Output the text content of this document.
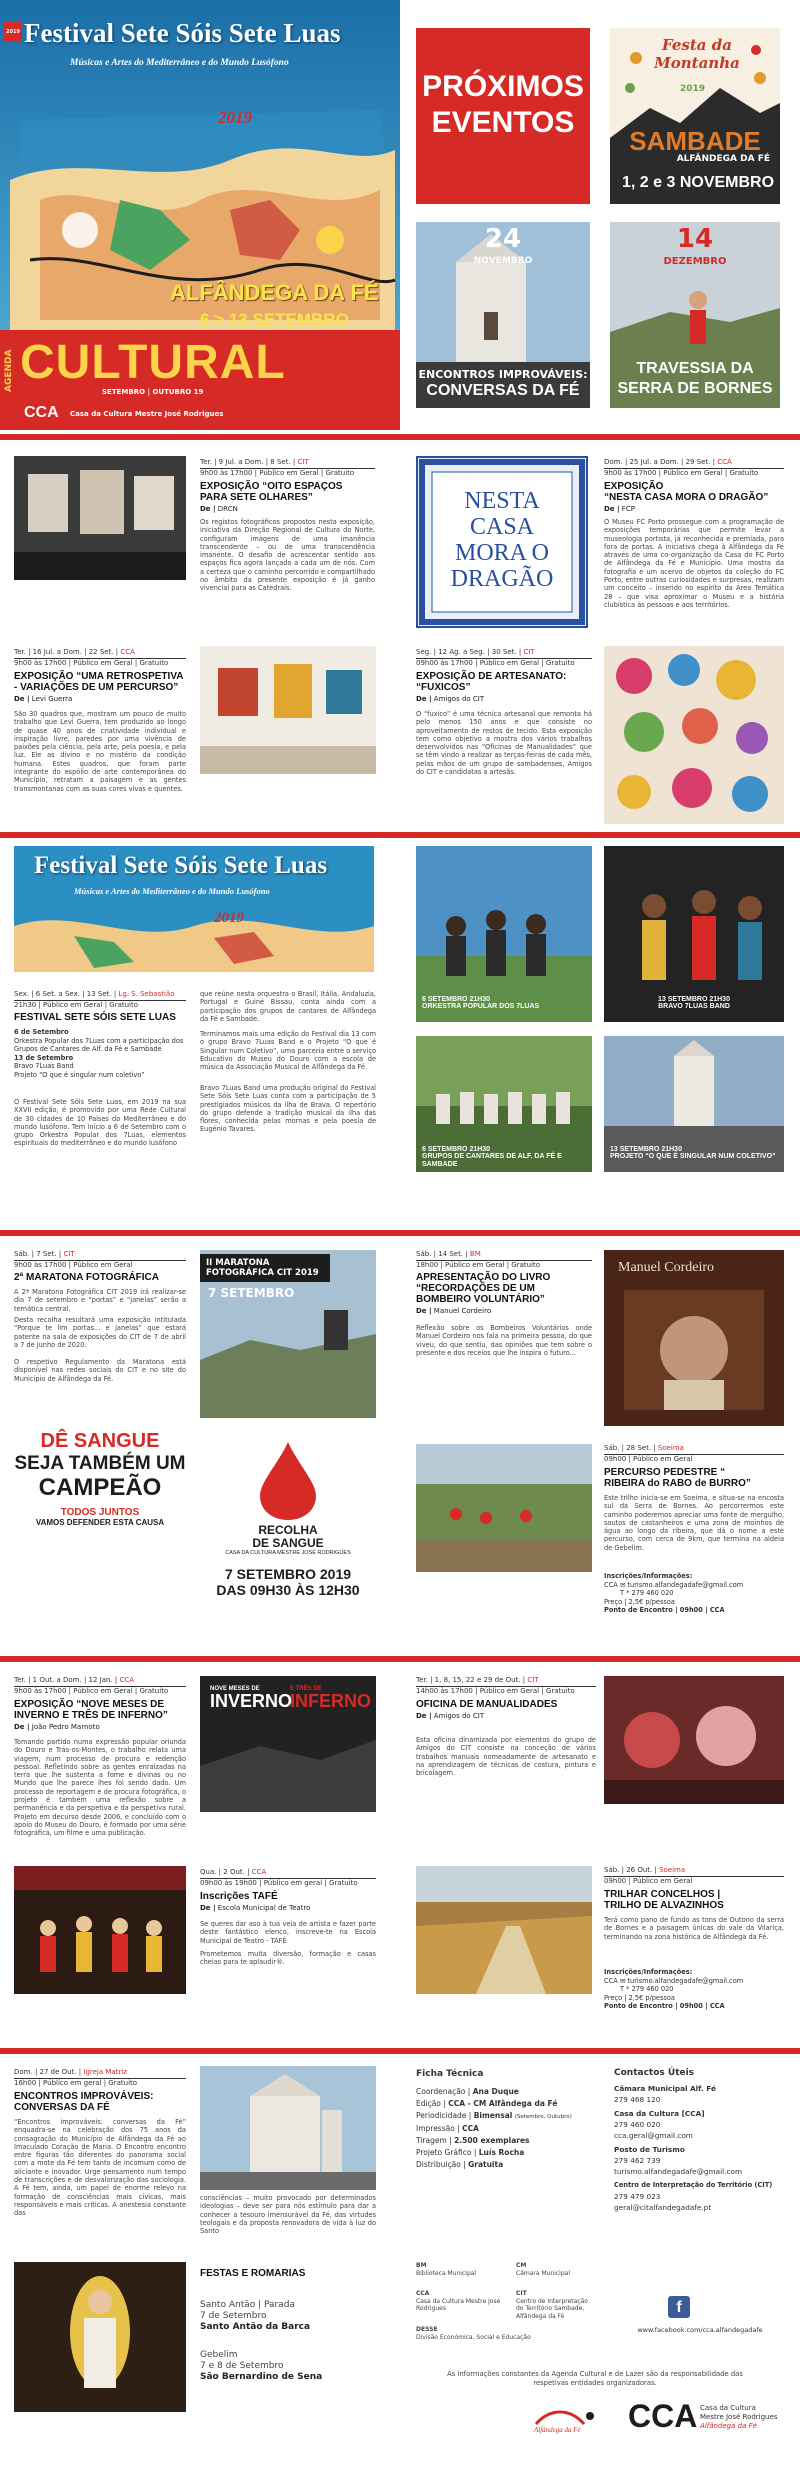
2019 Festival Sete Sóis Sete Luas
Músicas e Artes do Mediterrâneo e do Mundo Lusófono
2019
ALFÂNDEGA DA FÉ
6 > 13 SETEMBRO
AGENDA CULTURAL
SETEMBRO | OUTUBRO 19
CCA Casa da Cultura Mestre José Rodrigues
PRÓXIMOS
EVENTOS
Festa da Montanha
2019
SAMBADE
ALFÂNDEGA DA FÉ
1, 2 e 3 NOVEMBRO
24
NOVEMBRO
ENCONTROS IMPROVÁVEIS:
CONVERSAS DA FÉ
14
DEZEMBRO
TRAVESSIA DA
SERRA DE BORNES
Ter. | 9 Jul. a Dom. | 8 Set. | CIT
9h00 às 17h00 | Público em Geral | Gratuito
EXPOSIÇÃO “OITO ESPAÇOS
PARA SETE OLHARES”
De | DRCN
Os registos fotográficos propostos nesta exposição, iniciativa da Direção Regional de Cultura do Norte, configuram imagens de uma imanência transcendente – ou de uma transcendência imanente. O desafio de acrescentar sentido aos espaços fica agora lançado a cada um de nós. Com a certeza que o caminho percorrido e compartilhado no âmbito da presente exposição é já ganho vivencial para as Catedrais.
NESTA
CASA
MORA O
DRAGÃO
Dom. | 25 Jul. a Dom. | 29 Set. | CCA
9h00 às 17h00 | Público em Geral | Gratuito
EXPOSIÇÃO
“NESTA CASA MORA O DRAGÃO”
De | FCP
O Museu FC Porto prossegue com a programação de exposições temporárias que permite levar a museologia portista, já reconhecida e premiada, para fora de portas. A iniciativa chega à Alfândega da Fé através de uma co-organização da Casa do FC Porto de Alfândega da Fé e Município. Uma mostra da fotografia e um acervo de objetos da coleção do FC Porto, entre outras curiosidades e surpresas, realizam um conceito – inserido no espírito da Área Temática 28 – que visa aproximar o Museu e a história clubística às pessoas e aos territórios.
Ter. | 16 Jul. a Dom. | 22 Set. | CCA
9h00 às 17h00 | Público em Geral | Gratuito
EXPOSIÇÃO “UMA RETROSPETIVA
- VARIAÇÕES DE UM PERCURSO”
De | Levi Guerra
São 30 quadros que, mostram um pouco de muito trabalho que Levi Guerra, tem produzido ao longo de quase 40 anos de criatividade individual e inspiração livre, paredes por uma vivência de paixões pela ciência, pela arte, pela poesia, e pela luz. Ele as divino e no mistério da condição humana. Estes quadros, que foram parte integrante do espólio de arte contemporânea do Município, retratam a paisagem e as gentes transmontanas com as suas cores vivas e quentes.
Seg. | 12 Ag. a Seg. | 30 Set. | CIT
09h00 às 17h00 | Público em Geral | Gratuito
EXPOSIÇÃO DE ARTESANATO:
“FUXICOS”
De | Amigos do CIT
O “fuxico” é uma técnica artesanal que remonta há pelo menos 150 anos e que consiste no aproveitamento de restos de tecido. Esta exposição tem como objetivo a mostra dos vários trabalhos desenvolvidos nas “Oficinas de Manualidades” que se têm vindo a realizar as terças-feiras de cada mês, pelas mãos de um grupo de sambadenses, Amigos do CIT e candidatas a artesãs.
Festival Sete Sóis Sete Luas
Músicas e Artes do Mediterrâneo e do Mundo Lusófono
2019
6 SETEMBRO 21H30
ORKESTRA POPULAR DOS 7LUAS
13 SETEMBRO 21H30
BRAVO 7LUAS BAND
Sex. | 6 Set. a Sex. | 13 Set. | Lg. S. Sebastião
21h30 | Público em Geral | Gratuito
FESTIVAL SETE SÓIS SETE LUAS
6 de Setembro
Orkestra Popular dos 7Luas com a participação dos Grupos de Cantares de Alf. da Fé e Sambade
13 de Setembro
Bravo 7Luas Band
Projeto “O que é singular num coletivo”
O Festival Sete Sóis Sete Luas, em 2019 na sua XXVII edição, é promovido por uma Rede Cultural de 30 cidades de 10 Países do Mediterrâneo e do mundo lusófono. Tem início a 6 de Setembro com o grupo Orkestra Popular dos 7Luas, elementos espirituais do mediterrâneo e do mundo lusófono
que reúne nesta orquestra o Brasil, Itália, Andaluzia, Portugal e Guiné Bissau, conta ainda com a participação dos grupos de cantares de Alfândega da Fé e Sambade.
Terminamos mais uma edição do Festival dia 13 com o grupo Bravo 7Luas Band e o Projeto “O que é Singular num Coletivo”, uma parceria entre o serviço Educativo do Museu do Douro com a escola de música da Associação Musical de Alfândega da Fé.
Bravo 7Luas Band uma produção original do Festival Sete Sóis Sete Luas conta com a participação de 5 prestigiados músicos da ilha de Brava. O repertório do grupo defende a tradição musical da ilha das flores, conhecida pelas mornas e pela poesia de Eugénio Tavares.
6 SETEMBRO 21H30
GRUPOS DE CANTARES DE ALF. DA FÉ E SAMBADE
13 SETEMBRO 21H30
PROJETO “O QUE É SINGULAR NUM COLETIVO”
Sáb. | 7 Set. | CIT
9h00 às 17h00 | Público em Geral
2ª MARATONA FOTOGRÁFICA
A 2ª Maratona Fotográfica CIT 2019 irá realizar-se dia 7 de setembro e “portas” e “janelas” serão a temática central.
Desta recolha resultará uma exposição intitulada “Porque te lim portas... e janelas” que estará patente na sala de exposições do CIT de 7 de abril a 7 de junho de 2020.
O respetivo Regulamento da Maratona está disponível nas redes sociais do CIT e no site do Município de Alfândega da Fé.
II MARATONA
FOTOGRÁFICA CIT 2019
7 SETEMBRO
Sáb. | 14 Set. | BM
18h00 | Público em Geral | Gratuito
APRESENTAÇÃO DO LIVRO
“RECORDAÇÕES DE UM
BOMBEIRO VOLUNTÁRIO”
De | Manuel Cordeiro
Reflexão sobre os Bombeiros Voluntários onde Manuel Cordeiro nos fala na primeira pessoa, do que viveu, do que sentiu, das opiniões que tem sobre o presente e dos receios que lhe inspira o futuro...
Manuel Cordeiro
DÊ SANGUE
SEJA TAMBÉM UM
CAMPEÃO
TODOS JUNTOS
VAMOS DEFENDER ESTA CAUSA
RECOLHA
DE SANGUE
CASA DA CULTURA MESTRE JOSÉ RODRIGUES
7 SETEMBRO 2019
DAS 09H30 ÀS 12H30
Sáb. | 28 Set. | Soeima
09h00 | Público em Geral
PERCURSO PEDESTRE “
RIBEIRA do RABO de BURRO”
Este trilho inicia-se em Soeima, e situa-se na encosta sul da Serra de Bornes. Ao percorrermos este caminho poderemos apreciar uma fonte de mergulho, soutos de castanheiros e uma zona de moinhos de água ao longo da ribeira, que dá o nome a este percurso, com cerca de 9km, que termina na aldeia de Gebelim.
Inscrições/Informações:
CCA ✉ turismo.alfandegadafe@gmail.com
T * 279 460 020
Preço | 2,5€ p/pessoa
Ponto de Encontro | 09h00 | CCA
Ter. | 1 Out. a Dom. | 12 Jan. | CCA
9h00 às 17h00 | Público em Geral | Gratuito
EXPOSIÇÃO “NOVE MESES DE
INVERNO E TRÊS DE INFERNO”
De | João Pedro Marnoto
Tomando partido numa expressão popular oriunda do Douro e Trás-os-Montes, o trabalho relata uma viagem, num processo de procura e redenção pessoal. Refletindo sobre as gentes enraizadas na terra que lhe sustenta a fome e divinas ou no Mundo que lhe parece lhes foi sendo dado. Um processo de reportagem e de procura fotográfica, o projeto é também uma reflexão sobre a permanência e da perspetiva e da perspetiva rural. Projeto em decurso desde 2006, e concluído com o apoio do Museu do Douro, é formado por uma série fotográfica, um filme e uma publicação.
NOVE MESES DE
INVERNO
E TRÊS DE
INFERNO
Ter. | 1, 8, 15, 22 e 29 de Out. | CIT
14h00 às 17h00 | Público em Geral | Gratuito
OFICINA DE MANUALIDADES
De | Amigos do CIT
Esta oficina dinamizada por elementos do grupo de Amigos do CIT consiste na conceção de vários trabalhos manuais nomeadamente de artesanato e na aprendizagem de técnicas de costura, pintura e bricolagem.
Qua. | 2 Out. | CCA
09h00 às 19h00 | Público em geral | Gratuito
Inscrições TAFÉ
De | Escola Municipal de Teatro
Se queres dar aso à tua veia de artista e fazer parte deste fantástico elenco, inscreve-te na Escola Municipal de Teatro - TAFÉ
Prometemos muita diversão, formação e casas cheias para te aplaudir®.
Sáb. | 26 Out. | Soeima
09h00 | Público em Geral
TRILHAR CONCELHOS |
TRILHO DE ALVAZINHOS
Terá como pano de fundo as tons de Outono da serra de Bornes e a paisagem únicas do vale da Vilariça, terminando na zona histórica de Alfândega da Fé.
Inscrições/Informações:
CCA ✉ turismo.alfandegadafe@gmail.com
T * 279 460 020
Preço | 2,5€ p/pessoa
Ponto de Encontro | 09h00 | CCA
Dom. | 27 de Out. | Igreja Matriz
16h00 | Público em geral | Gratuito
ENCONTROS IMPROVÁVEIS:
CONVERSAS DA FÉ
“Encontros improváveis: conversas da Fé” enquadra-se na celebração dos 75 anos da consagração do Município de Alfândega da Fé ao Imaculado Coração de Maria. O Encontro encontro entre figuras tão diferentes do panorama social com a mote da Fé tem tanto de incomum como de aliciante e inovador. Urge pensamento num tempo de transcrições e de desvalorização das sociologia. A Fé tem, ainda, um papel de enorme relevo na formação de consciências mais cívicas, mais responsáveis e mais críticas. A anestesia constante das
consciências – muito provocado por determinados ideologias – deve ser para nós estímulo para dar a conhecer a tesouro imensurável da Fé, das virtudes teologais e da proposta renovadora de vida à luz do Santo
FESTAS E ROMARIAS
Santo Antão | Parada
7 de Setembro
Santo Antão da Barca
Gebelim
7 e 8 de Setembro
São Bernardino de Sena
Ficha Técnica
Coordenação | Ana Duque
Edição | CCA - CM Alfândega da Fé
Periodicidade | Bimensal (Setembro, Outubro)
Impressão | CCA
Tiragem | 2.500 exemplares
Projeto Gráfico | Luís Rocha
Distribuição | Gratuita
BM
Biblioteca Municipal
CM
Câmara Municipal
CCA
Casa da Cultura Mestre José Rodrigues
CIT
Centro de Interpretação do Território Sambade, Alfândega da Fé
DESSE
Divisão Económica, Social e Educação
Contactos Úteis
Câmara Municipal Alf. Fé
279 468 120
Casa da Cultura [CCA]
279 460 020
cca.geral@gmail.com
Posto de Turismo
279 462 739
turismo.alfandegadafe@gmail.com
Centro de Interpretação do Território (CIT)
279 479 023
geral@citalfandegadafe.pt
f
www.facebook.com/cca.alfandegadafe
As informações constantes da Agenda Cultural e de Lazer são da responsabilidade das respetivas entidades organizadoras.
Alfândega da Fé CCA Casa da Cultura
Mestre José Rodrigues
Alfândega da Fé
